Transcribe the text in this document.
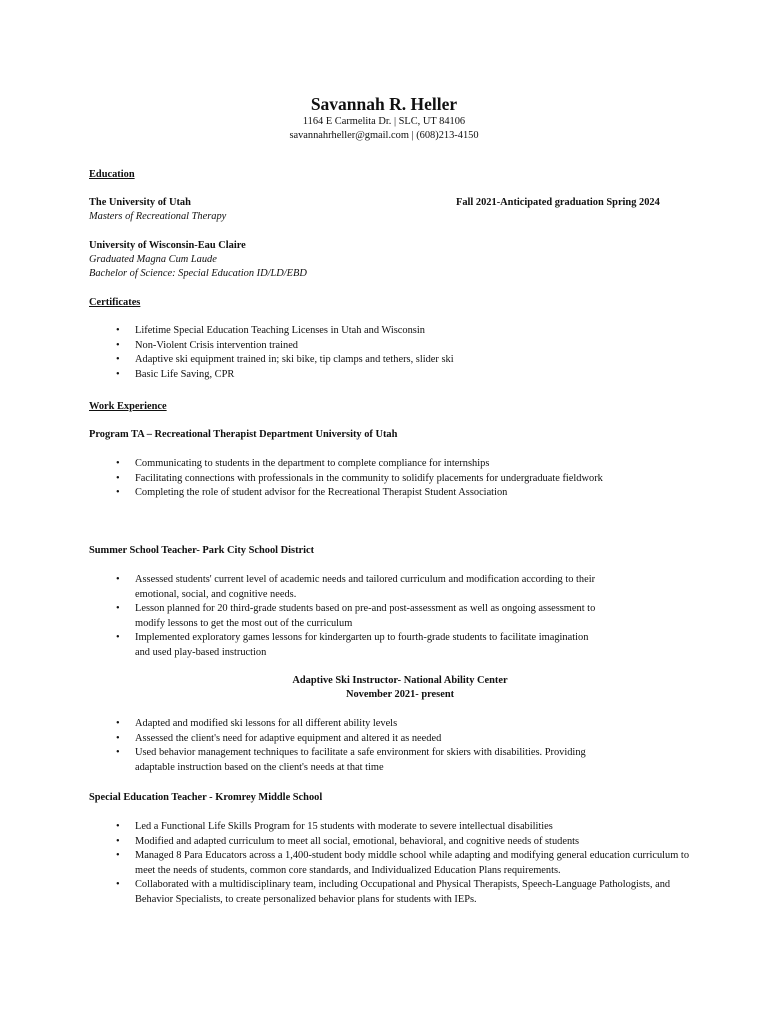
Savannah R. Heller
1164 E Carmelita Dr. | SLC, UT 84106
savannahrheller@gmail.com | (608)213-4150
Education
The University of Utah	Fall 2021-Anticipated graduation Spring 2024
Masters of Recreational Therapy
University of Wisconsin-Eau Claire
Graduated Magna Cum Laude
Bachelor of Science: Special Education ID/LD/EBD
Certificates
• Lifetime Special Education Teaching Licenses in Utah and Wisconsin
• Non-Violent Crisis intervention trained
• Adaptive ski equipment trained in; ski bike, tip clamps and tethers, slider ski
• Basic Life Saving, CPR
Work Experience
Program TA – Recreational Therapist Department University of Utah
• Communicating to students in the department to complete compliance for internships
• Facilitating connections with professionals in the community to solidify placements for undergraduate fieldwork
• Completing the role of student advisor for the Recreational Therapist Student Association
Summer School Teacher- Park City School District
• Assessed students' current level of academic needs and tailored curriculum and modification according to their emotional, social, and cognitive needs.
• Lesson planned for 20 third-grade students based on pre-and post-assessment as well as ongoing assessment to modify lessons to get the most out of the curriculum
• Implemented exploratory games lessons for kindergarten up to fourth-grade students to facilitate imagination and used play-based instruction
Adaptive Ski Instructor- National Ability Center
November 2021- present
• Adapted and modified ski lessons for all different ability levels
• Assessed the client's need for adaptive equipment and altered it as needed
• Used behavior management techniques to facilitate a safe environment for skiers with disabilities. Providing adaptable instruction based on the client's needs at that time
Special Education Teacher - Kromrey Middle School
• Led a Functional Life Skills Program for 15 students with moderate to severe intellectual disabilities
• Modified and adapted curriculum to meet all social, emotional, behavioral, and cognitive needs of students
• Managed 8 Para Educators across a 1,400-student body middle school while adapting and modifying general education curriculum to meet the needs of students, common core standards, and Individualized Education Plans requirements.
• Collaborated with a multidisciplinary team, including Occupational and Physical Therapists, Speech-Language Pathologists, and Behavior Specialists, to create personalized behavior plans for students with IEPs.
